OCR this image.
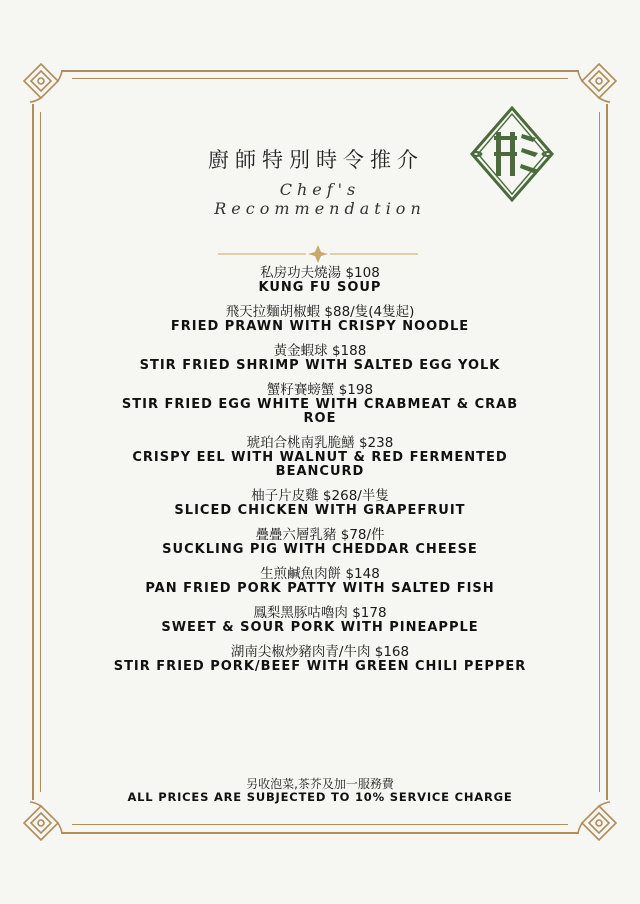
廚師特別時令推介
Chef's Recommendation
私房功夫燒湯 $108
KUNG FU SOUP
飛天拉麵胡椒蝦 $88/隻(4隻起)
FRIED PRAWN WITH CRISPY NOODLE
黃金蝦球 $188
STIR FRIED SHRIMP WITH SALTED EGG YOLK
蟹籽賽螃蟹 $198
STIR FRIED EGG WHITE WITH CRABMEAT & CRAB ROE
琥珀合桃南乳脆鱔 $238
CRISPY EEL WITH WALNUT & RED FERMENTED BEANCURD
柚子片皮雞 $268/半隻
SLICED CHICKEN WITH GRAPEFRUIT
疊疊六層乳豬 $78/件
SUCKLING PIG WITH CHEDDAR CHEESE
生煎鹹魚肉餅 $148
PAN FRIED PORK PATTY WITH SALTED FISH
鳳梨黑豚咕嚕肉 $178
SWEET & SOUR PORK WITH PINEAPPLE
湖南尖椒炒豬肉青/牛肉 $168
STIR FRIED PORK/BEEF WITH GREEN CHILI PEPPER
另收泡菜,茶芥及加一服務費
ALL PRICES ARE SUBJECTED TO 10% SERVICE CHARGE
